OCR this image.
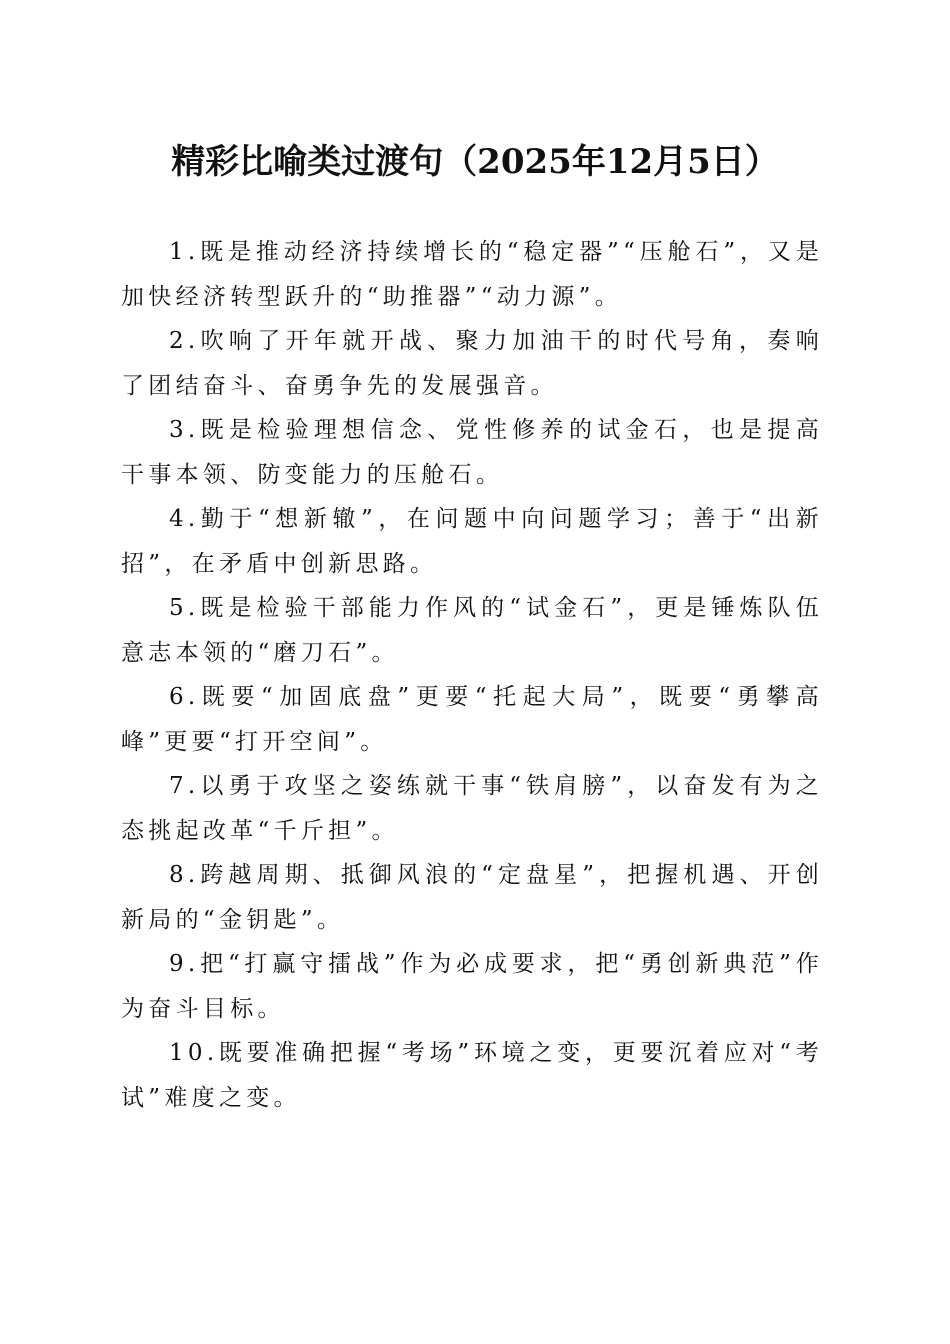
精彩比喻类过渡句（2025年12月5日）

1.既是推动经济持续增长的“稳定器”“压舱石”，又是加快经济转型跃升的“助推器”“动力源”。

2.吹响了开年就开战、聚力加油干的时代号角，奏响了团结奋斗、奋勇争先的发展强音。

3.既是检验理想信念、党性修养的试金石，也是提高干事本领、防变能力的压舱石。

4.勤于“想新辙”，在问题中向问题学习；善于“出新招”，在矛盾中创新思路。

5.既是检验干部能力作风的“试金石”，更是锤炼队伍意志本领的“磨刀石”。

6.既要“加固底盘”更要“托起大局”，既要“勇攀高峰”更要“打开空间”。

7.以勇于攻坚之姿练就干事“铁肩膀”，以奋发有为之态挑起改革“千斤担”。

8.跨越周期、抵御风浪的“定盘星”，把握机遇、开创新局的“金钥匙”。

9.把“打赢守擂战”作为必成要求，把“勇创新典范”作为奋斗目标。

10.既要准确把握“考场”环境之变，更要沉着应对“考试”难度之变。
